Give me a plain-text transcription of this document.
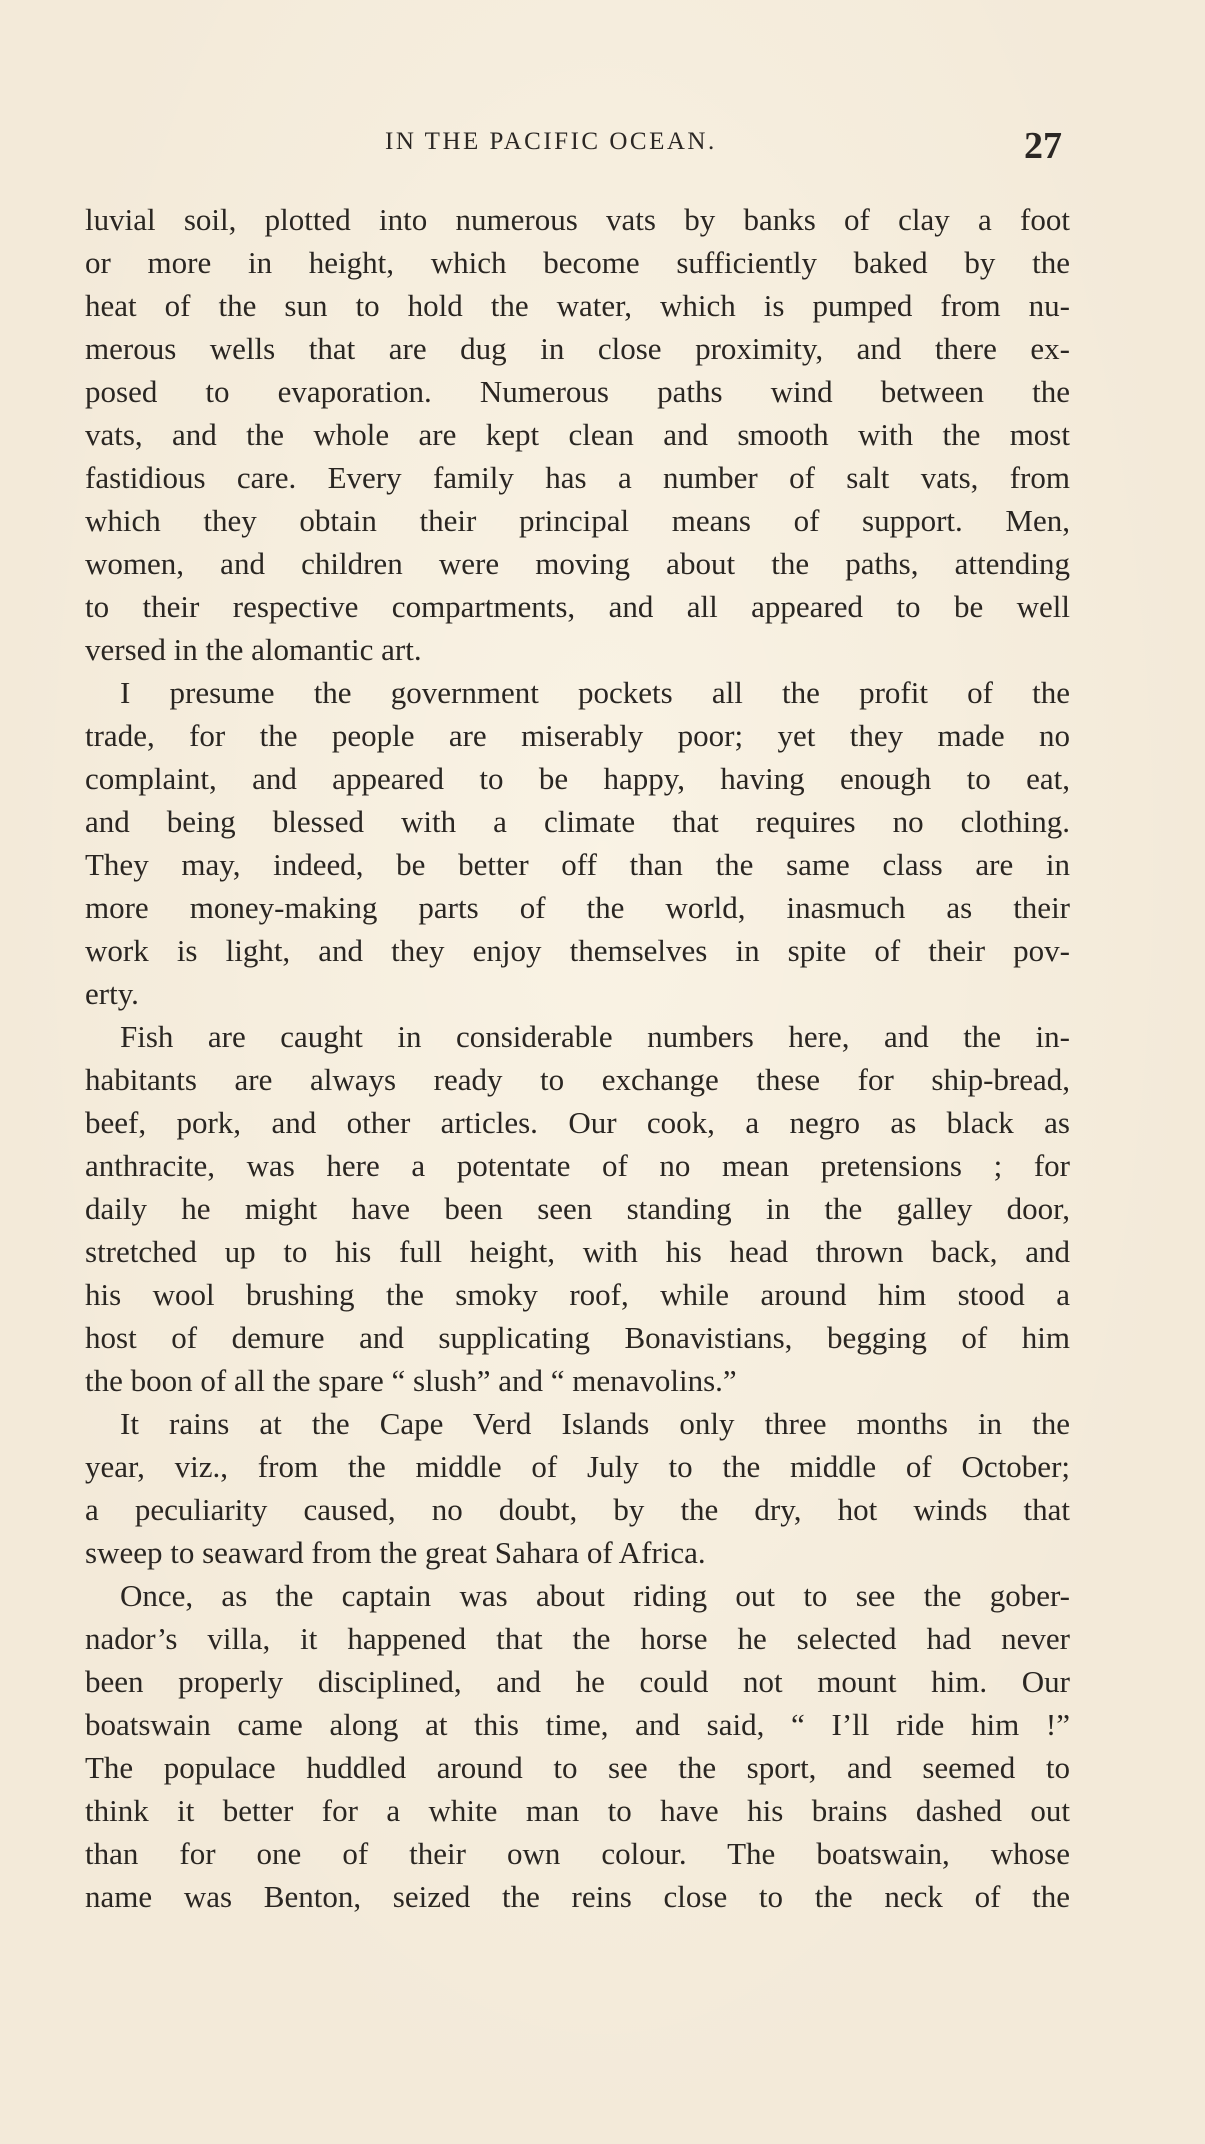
IN THE PACIFIC OCEAN.	27
luvial soil, plotted into numerous vats by banks of clay a foot
or more in height, which become sufficiently baked by the
heat of the sun to hold the water, which is pumped from nu-
merous wells that are dug in close proximity, and there ex-
posed to evaporation. Numerous paths wind between the
vats, and the whole are kept clean and smooth with the most
fastidious care. Every family has a number of salt vats, from
which they obtain their principal means of support. Men,
women, and children were moving about the paths, attending
to their respective compartments, and all appeared to be well
versed in the alomantic art.
I presume the government pockets all the profit of the
trade, for the people are miserably poor; yet they made no
complaint, and appeared to be happy, having enough to eat,
and being blessed with a climate that requires no clothing.
They may, indeed, be better off than the same class are in
more money-making parts of the world, inasmuch as their
work is light, and they enjoy themselves in spite of their pov-
erty.
Fish are caught in considerable numbers here, and the in-
habitants are always ready to exchange these for ship-bread,
beef, pork, and other articles. Our cook, a negro as black as
anthracite, was here a potentate of no mean pretensions ; for
daily he might have been seen standing in the galley door,
stretched up to his full height, with his head thrown back, and
his wool brushing the smoky roof, while around him stood a
host of demure and supplicating Bonavistians, begging of him
the boon of all the spare “ slush” and “ menavolins.”
It rains at the Cape Verd Islands only three months in the
year, viz., from the middle of July to the middle of October;
a peculiarity caused, no doubt, by the dry, hot winds that
sweep to seaward from the great Sahara of Africa.
Once, as the captain was about riding out to see the gober-
nador’s villa, it happened that the horse he selected had never
been properly disciplined, and he could not mount him. Our
boatswain came along at this time, and said, “ I’ll ride him !”
The populace huddled around to see the sport, and seemed to
think it better for a white man to have his brains dashed out
than for one of their own colour. The boatswain, whose
name was Benton, seized the reins close to the neck of the
